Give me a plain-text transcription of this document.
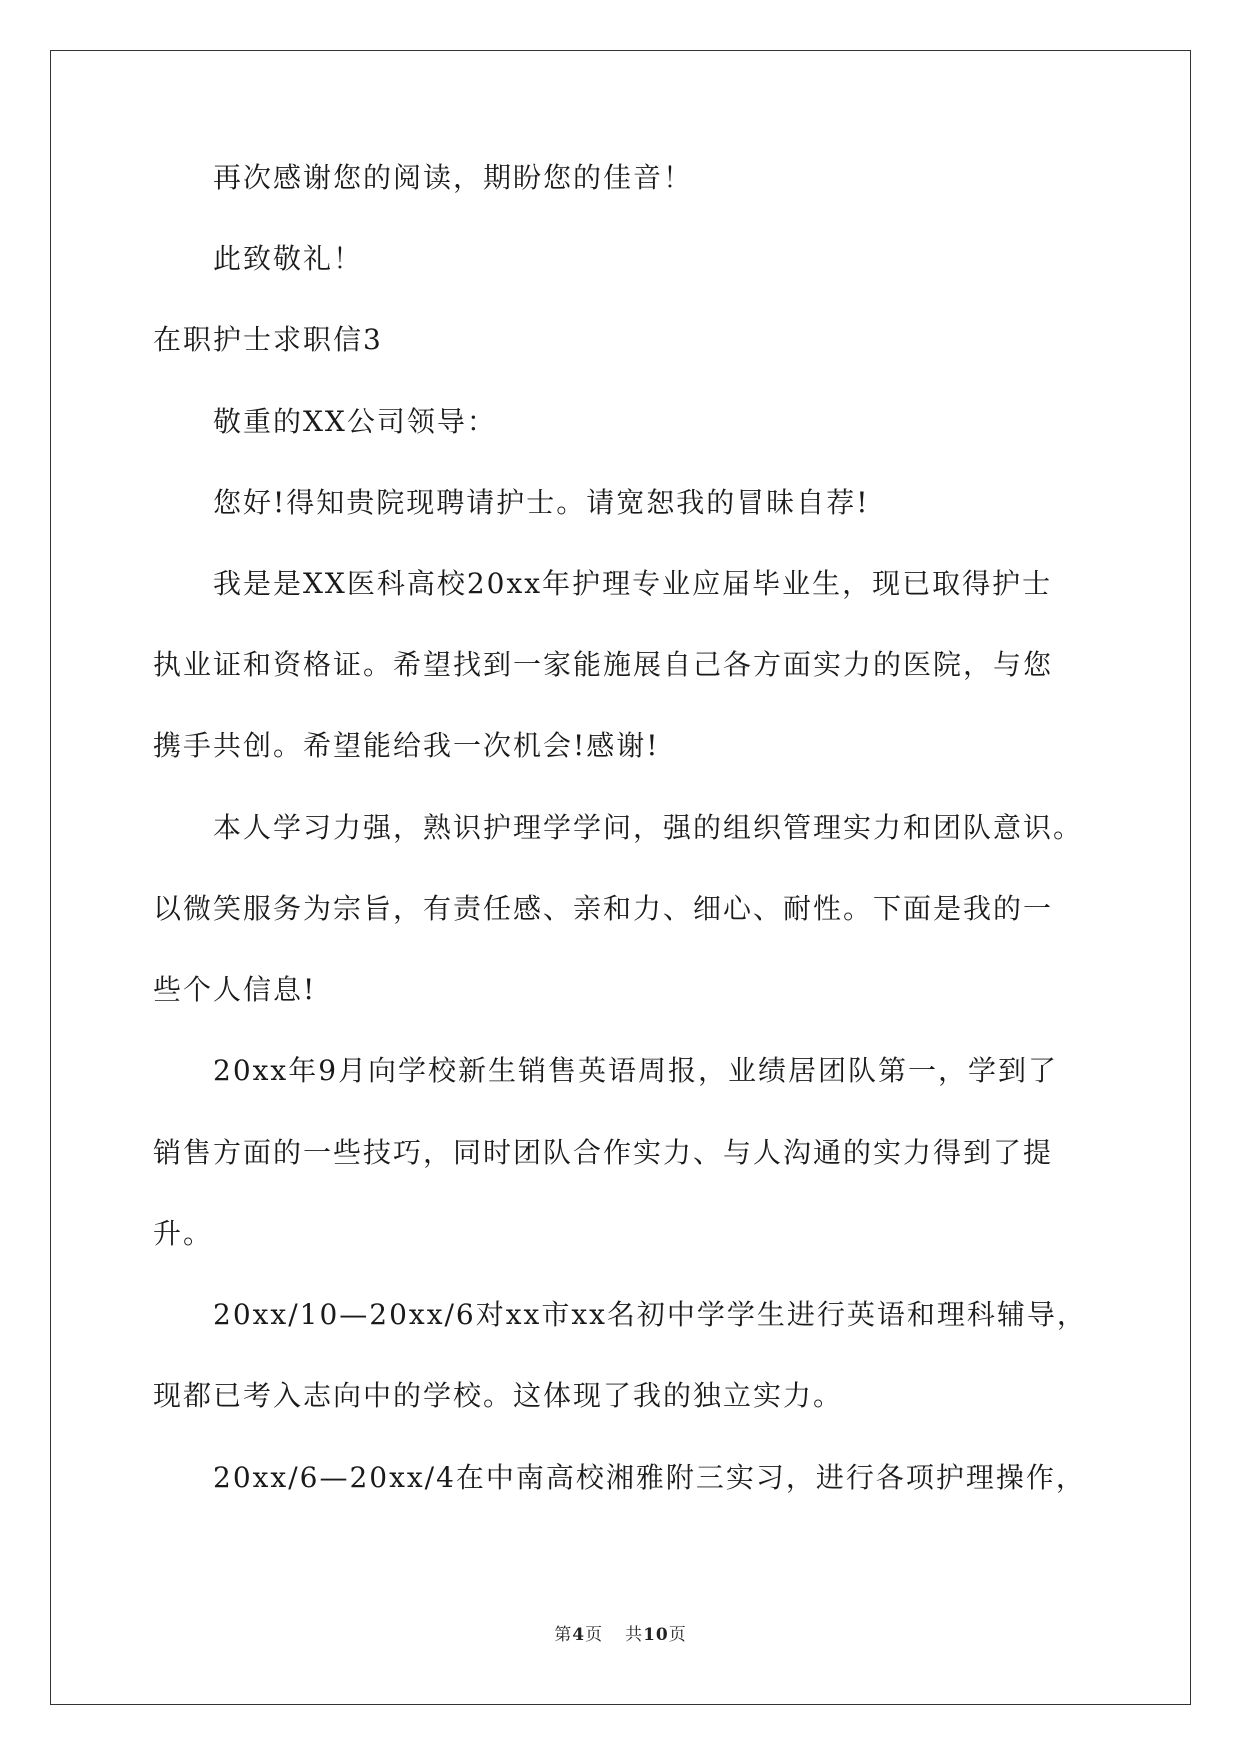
再次感谢您的阅读，期盼您的佳音！
此致敬礼！
在职护士求职信3
敬重的XX公司领导：
您好!得知贵院现聘请护士。请宽恕我的冒昧自荐!
我是是XX医科高校20xx年护理专业应届毕业生，现已取得护士
执业证和资格证。希望找到一家能施展自己各方面实力的医院，与您
携手共创。希望能给我一次机会!感谢!
本人学习力强，熟识护理学学问，强的组织管理实力和团队意识。
以微笑服务为宗旨，有责任感、亲和力、细心、耐性。下面是我的一
些个人信息!
20xx年9月向学校新生销售英语周报，业绩居团队第一，学到了
销售方面的一些技巧，同时团队合作实力、与人沟通的实力得到了提
升。
20xx/10—20xx/6对xx市xx名初中学学生进行英语和理科辅导，
现都已考入志向中的学校。这体现了我的独立实力。
20xx/6—20xx/4在中南高校湘雅附三实习，进行各项护理操作，
第4页 共10页
